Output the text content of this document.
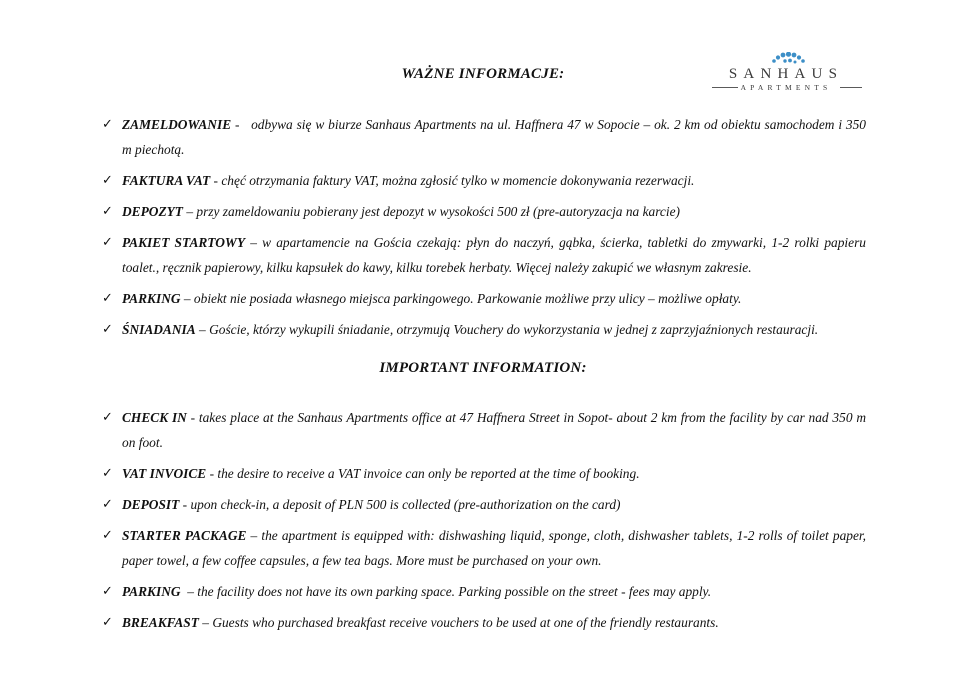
WAŻNE INFORMACJE:	SANHAUS
APARTMENTS
✓ ZAMELDOWANIE -   odbywa się w biurze Sanhaus Apartments na ul. Haffnera 47 w Sopocie – ok. 2 km od obiektu samochodem i 350 m piechotą.
✓ FAKTURA VAT - chęć otrzymania faktury VAT, można zgłosić tylko w momencie dokonywania rezerwacji.
✓ DEPOZYT – przy zameldowaniu pobierany jest depozyt w wysokości 500 zł (pre-autoryzacja na karcie)
✓ PAKIET STARTOWY – w apartamencie na Gościa czekają: płyn do naczyń, gąbka, ścierka, tabletki do zmywarki, 1-2 rolki papieru toalet., ręcznik papierowy, kilku kapsułek do kawy, kilku torebek herbaty. Więcej należy zakupić we własnym zakresie.
✓ PARKING – obiekt nie posiada własnego miejsca parkingowego. Parkowanie możliwe przy ulicy – możliwe opłaty.
✓ ŚNIADANIA – Goście, którzy wykupili śniadanie, otrzymują Vouchery do wykorzystania w jednej z zaprzyjaźnionych restauracji.
IMPORTANT INFORMATION:
✓ CHECK IN - takes place at the Sanhaus Apartments office at 47 Haffnera Street in Sopot- about 2 km from the facility by car nad 350 m on foot.
✓ VAT INVOICE - the desire to receive a VAT invoice can only be reported at the time of booking.
✓ DEPOSIT - upon check-in, a deposit of PLN 500 is collected (pre-authorization on the card)
✓ STARTER PACKAGE – the apartment is equipped with: dishwashing liquid, sponge, cloth, dishwasher tablets, 1-2 rolls of toilet paper, paper towel, a few coffee capsules, a few tea bags. More must be purchased on your own.
✓ PARKING  – the facility does not have its own parking space. Parking possible on the street - fees may apply.
✓ BREAKFAST – Guests who purchased breakfast receive vouchers to be used at one of the friendly restaurants.
